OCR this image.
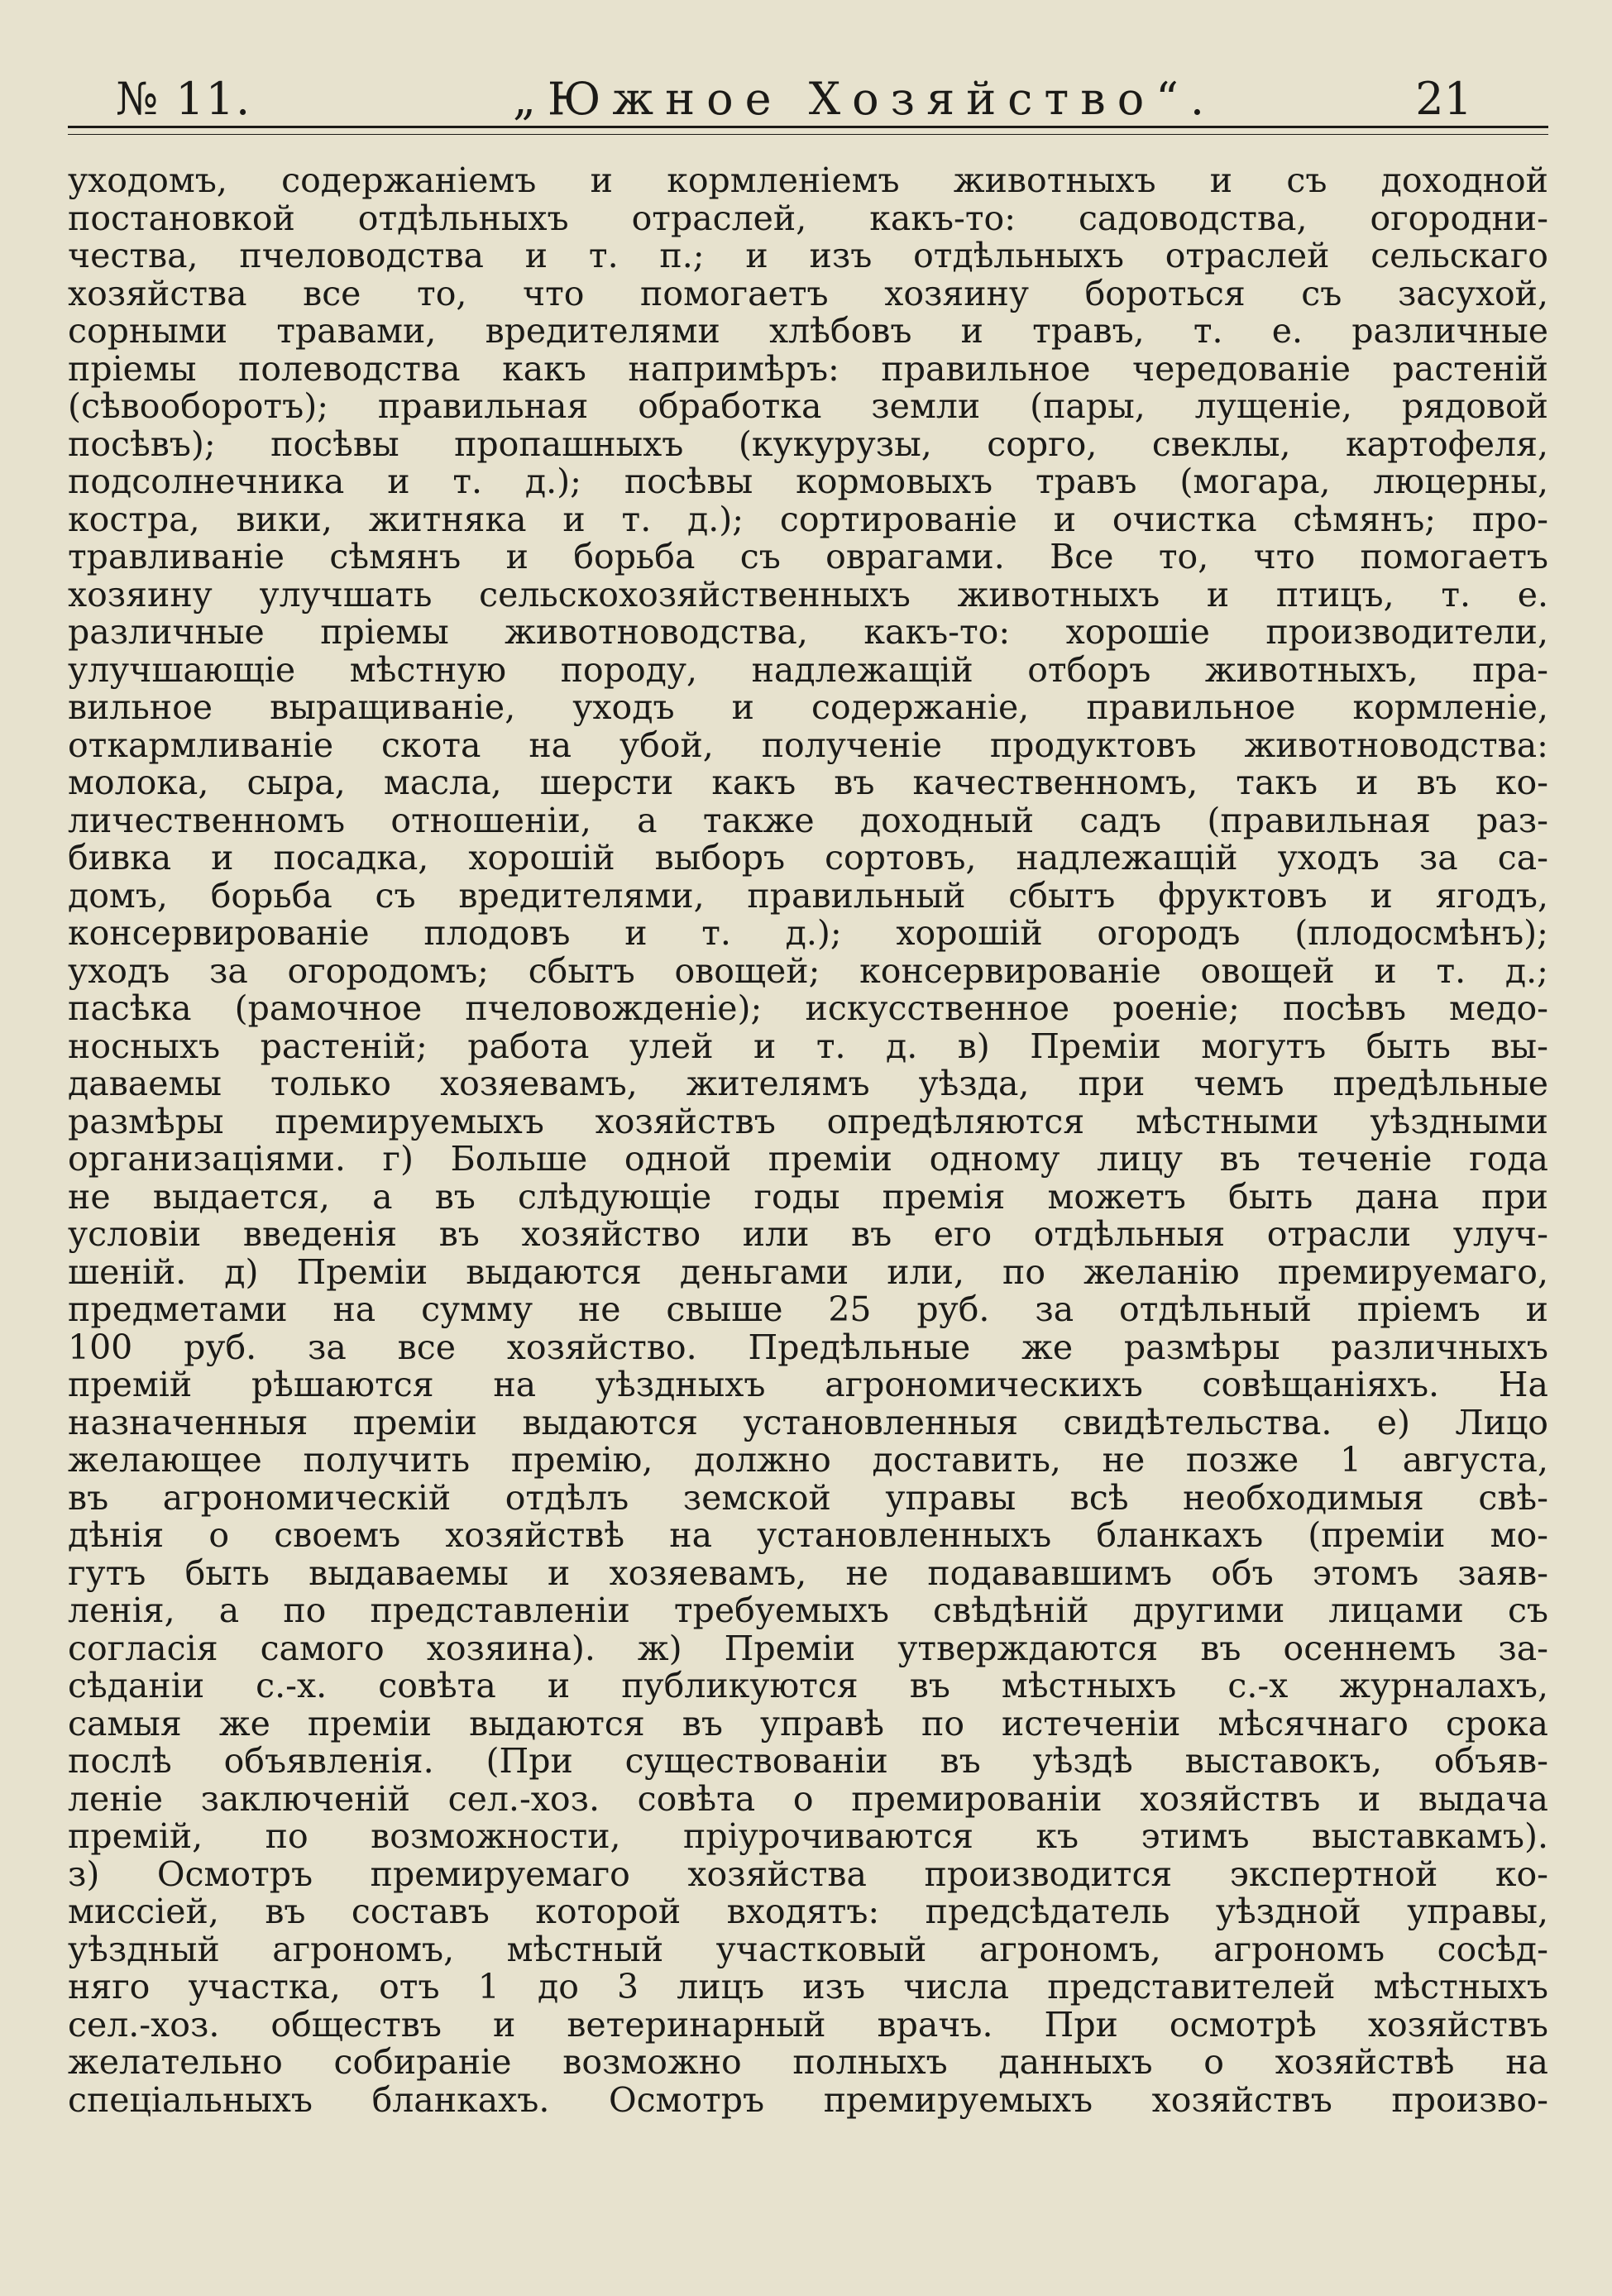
№ 11.	„Южное Хозяйство“.	21
уходомъ, содержанiемъ и кормленiемъ животныхъ и съ доходной
постановкой отдѣльныхъ отраслей, какъ-то: садоводства, огородни-
чества, пчеловодства и т. п.; и изъ отдѣльныхъ отраслей сельскаго
хозяйства все то, что помогаетъ хозяину бороться съ засухой,
сорными травами, вредителями хлѣбовъ и травъ, т. е. различные
прiемы полеводства какъ напримѣръ: правильное чередованiе растенiй
(сѣвооборотъ); правильная обработка земли (пары, лущенiе, рядовой
посѣвъ); посѣвы пропашныхъ (кукурузы, сорго, свеклы, картофеля,
подсолнечника и т. д.); посѣвы кормовыхъ травъ (могара, люцерны,
костра, вики, житняка и т. д.); сортированiе и очистка сѣмянъ; про-
травливанiе сѣмянъ и борьба съ оврагами. Все то, что помогаетъ
хозяину улучшать сельскохозяйственныхъ животныхъ и птицъ, т. е.
различные прiемы животноводства, какъ-то: хорошiе производители,
улучшающiе мѣстную породу, надлежащiй отборъ животныхъ, пра-
вильное выращиванiе, уходъ и содержанiе, правильное кормленiе,
откармливанiе скота на убой, полученiе продуктовъ животноводства:
молока, сыра, масла, шерсти какъ въ качественномъ, такъ и въ ко-
личественномъ отношенiи, а также доходный садъ (правильная раз-
бивка и посадка, хорошiй выборъ сортовъ, надлежащiй уходъ за са-
домъ, борьба съ вредителями, правильный сбытъ фруктовъ и ягодъ,
консервированiе плодовъ и т. д.); хорошiй огородъ (плодосмѣнъ);
уходъ за огородомъ; сбытъ овощей; консервированiе овощей и т. д.;
пасѣка (рамочное пчеловожденiе); искусственное роенiе; посѣвъ медо-
носныхъ растенiй; работа улей и т. д. в) Премiи могутъ быть вы-
даваемы только хозяевамъ, жителямъ уѣзда, при чемъ предѣльные
размѣры премируемыхъ хозяйствъ опредѣляются мѣстными уѣздными
организацiями. г) Больше одной премiи одному лицу въ теченiе года
не выдается, а въ слѣдующiе годы премiя можетъ быть дана при
условiи введенiя въ хозяйство или въ его отдѣльныя отрасли улуч-
шенiй. д) Премiи выдаются деньгами или, по желанiю премируемаго,
предметами на сумму не свыше 25 руб. за отдѣльный прiемъ и
100 руб. за все хозяйство. Предѣльные же размѣры различныхъ
премiй рѣшаются на уѣздныхъ агрономическихъ совѣщанiяхъ. На
назначенныя премiи выдаются установленныя свидѣтельства. е) Лицо
желающее получить премiю, должно доставить, не позже 1 августа,
въ агрономическiй отдѣлъ земской управы всѣ необходимыя свѣ-
дѣнiя о своемъ хозяйствѣ на установленныхъ бланкахъ (премiи мо-
гутъ быть выдаваемы и хозяевамъ, не подававшимъ объ этомъ заяв-
ленiя, а по представленiи требуемыхъ свѣдѣнiй другими лицами съ
согласiя самого хозяина). ж) Премiи утверждаются въ осеннемъ за-
сѣданiи с.-х. совѣта и публикуются въ мѣстныхъ с.-х журналахъ,
самыя же премiи выдаются въ управѣ по истеченiи мѣсячнаго срока
послѣ объявленiя. (При существованiи въ уѣздѣ выставокъ, объяв-
ленiе заключенiй сел.-хоз. совѣта о премированiи хозяйствъ и выдача
премiй, по возможности, прiурочиваются къ этимъ выставкамъ).
з) Осмотръ премируемаго хозяйства производится экспертной ко-
миссiей, въ составъ которой входятъ: предсѣдатель уѣздной управы,
уѣздный агрономъ, мѣстный участковый агрономъ, агрономъ сосѣд-
няго участка, отъ 1 до 3 лицъ изъ числа представителей мѣстныхъ
сел.-хоз. обществъ и ветеринарный врачъ. При осмотрѣ хозяйствъ
желательно собиранiе возможно полныхъ данныхъ о хозяйствѣ на
спецiальныхъ бланкахъ. Осмотръ премируемыхъ хозяйствъ произво-
